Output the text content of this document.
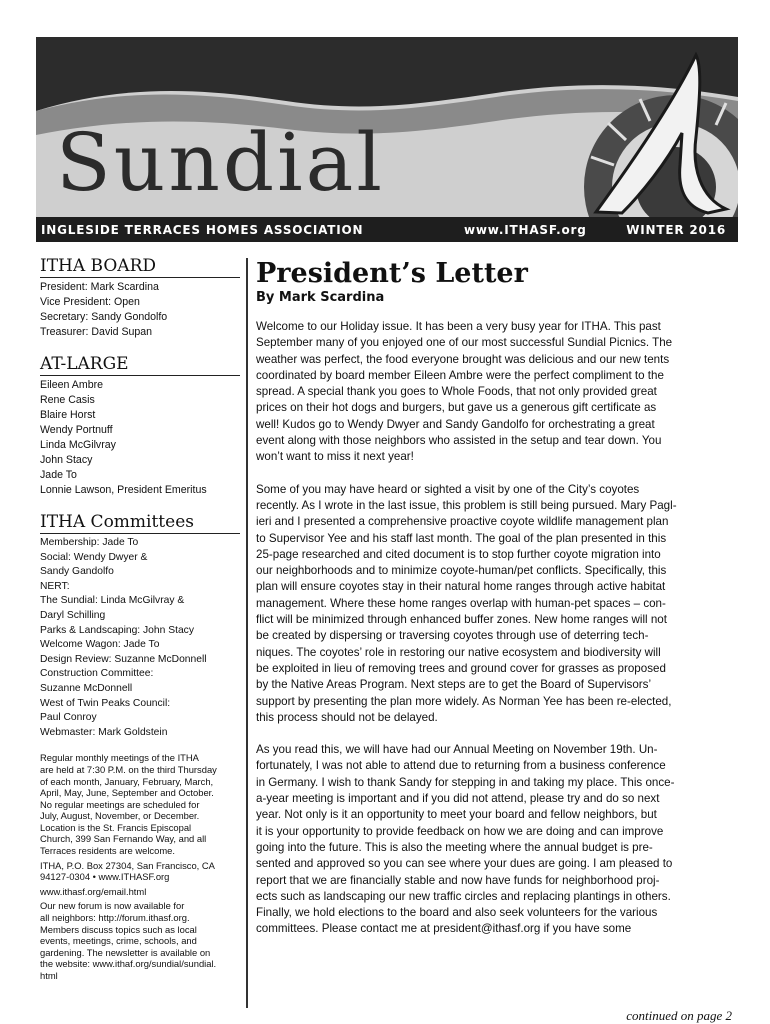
Sundial
INGLESIDE TERRACES HOMES ASSOCIATION	www.ITHASF.org	WINTER 2016
ITHA BOARD
President: Mark Scardina
Vice President: Open
Secretary: Sandy Gondolfo
Treasurer: David Supan
AT-LARGE
Eileen Ambre
Rene Casis
Blaire Horst
Wendy Portnuff
Linda McGilvray
John Stacy
Jade To
Lonnie Lawson, President Emeritus
ITHA Committees
Membership: Jade To
Social: Wendy Dwyer &
Sandy Gandolfo
NERT:
The Sundial: Linda McGilvray &
Daryl Schilling
Parks & Landscaping: John Stacy
Welcome Wagon: Jade To
Design Review: Suzanne McDonnell
Construction Committee:
Suzanne McDonnell
West of Twin Peaks Council:
Paul Conroy
Webmaster: Mark Goldstein

Regular monthly meetings of the ITHA
are held at 7:30 P.M. on the third Thursday
of each month, January, February, March,
April, May, June, September and October.
No regular meetings are scheduled for
July, August, November, or December.
Location is the St. Francis Episcopal
Church, 399 San Fernando Way, and all
Terraces residents are welcome.

ITHA, P.O. Box 27304, San Francisco, CA
94127-0304 • www.ITHASF.org

www.ithasf.org/email.html

Our new forum is now available for
all neighbors: http://forum.ithasf.org.
Members discuss topics such as local
events, meetings, crime, schools, and
gardening. The newsletter is available on
the website: www.ithaf.org/sundial/sundial.
html

President’s Letter
By Mark Scardina
Welcome to our Holiday issue. It has been a very busy year for ITHA. This past
September many of you enjoyed one of our most successful Sundial Picnics. The
weather was perfect, the food everyone brought was delicious and our new tents
coordinated by board member Eileen Ambre were the perfect compliment to the
spread. A special thank you goes to Whole Foods, that not only provided great
prices on their hot dogs and burgers, but gave us a generous gift certificate as
well! Kudos go to Wendy Dwyer and Sandy Gandolfo for orchestrating a great
event along with those neighbors who assisted in the setup and tear down. You
won’t want to miss it next year!
Some of you may have heard or sighted a visit by one of the City’s coyotes
recently. As I wrote in the last issue, this problem is still being pursued. Mary Pagl-
ieri and I presented a comprehensive proactive coyote wildlife management plan
to Supervisor Yee and his staff last month. The goal of the plan presented in this
25-page researched and cited document is to stop further coyote migration into
our neighborhoods and to minimize coyote-human/pet conflicts. Specifically, this
plan will ensure coyotes stay in their natural home ranges through active habitat
management. Where these home ranges overlap with human-pet spaces – con-
flict will be minimized through enhanced buffer zones. New home ranges will not
be created by dispersing or traversing coyotes through use of deterring tech-
niques. The coyotes’ role in restoring our native ecosystem and biodiversity will
be exploited in lieu of removing trees and ground cover for grasses as proposed
by the Native Areas Program. Next steps are to get the Board of Supervisors’
support by presenting the plan more widely. As Norman Yee has been re-elected,
this process should not be delayed.
As you read this, we will have had our Annual Meeting on November 19th. Un-
fortunately, I was not able to attend due to returning from a business conference
in Germany. I wish to thank Sandy for stepping in and taking my place. This once-
a-year meeting is important and if you did not attend, please try and do so next
year. Not only is it an opportunity to meet your board and fellow neighbors, but
it is your opportunity to provide feedback on how we are doing and can improve
going into the future. This is also the meeting where the annual budget is pre-
sented and approved so you can see where your dues are going. I am pleased to
report that we are financially stable and now have funds for neighborhood proj-
ects such as landscaping our new traffic circles and replacing plantings in others.
Finally, we hold elections to the board and also seek volunteers for the various
committees. Please contact me at president@ithasf.org if you have some
continued on page 2
